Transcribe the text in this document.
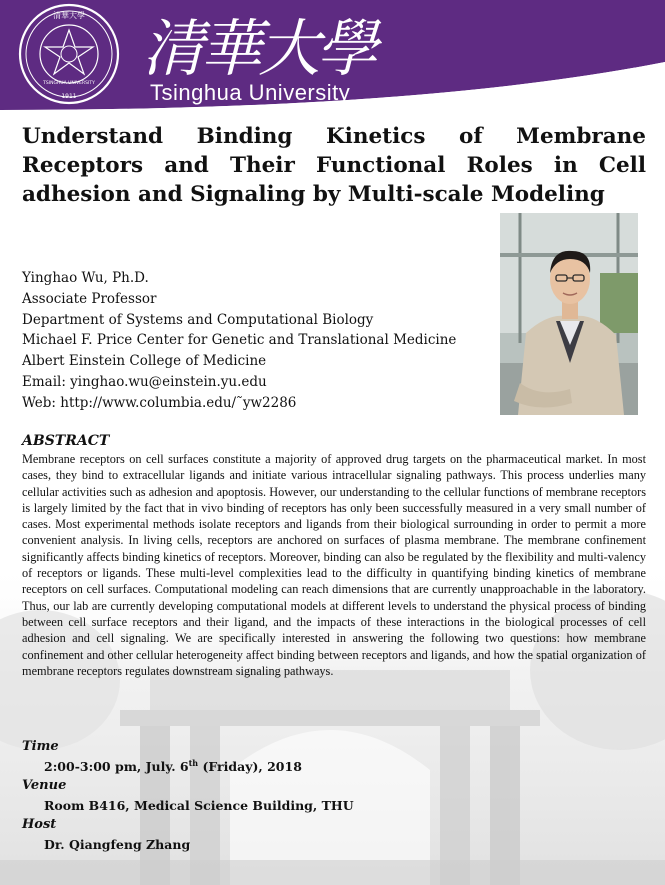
清華大學
1911
TSINGHUA UNIVERSITY 清華大學
Tsinghua University
Understand Binding Kinetics of Membrane Receptors and Their Functional Roles in Cell adhesion and Signaling by Multi-scale Modeling
Yinghao Wu, Ph.D.
Associate Professor
Department of Systems and Computational Biology
Michael F. Price Center for Genetic and Translational Medicine
Albert Einstein College of Medicine
Email: yinghao.wu@einstein.yu.edu
Web: http://www.columbia.edu/˜yw2286
ABSTRACT
Membrane receptors on cell surfaces constitute a majority of approved drug targets on the pharmaceutical market. In most cases, they bind to extracellular ligands and initiate various intracellular signaling pathways. This process underlies many cellular activities such as adhesion and apoptosis. However, our understanding to the cellular functions of membrane receptors is largely limited by the fact that in vivo binding of receptors has only been successfully measured in a very small number of cases. Most experimental methods isolate receptors and ligands from their biological surrounding in order to permit a more convenient analysis. In living cells, receptors are anchored on surfaces of plasma membrane. The membrane confinement significantly affects binding kinetics of receptors. Moreover, binding can also be regulated by the flexibility and multi-valency of receptors or ligands. These multi-level complexities lead to the difficulty in quantifying binding kinetics of membrane receptors on cell surfaces. Computational modeling can reach dimensions that are currently unapproachable in the laboratory. Thus, our lab are currently developing computational models at different levels to understand the physical process of binding between cell surface receptors and their ligand, and the impacts of these interactions in the biological processes of cell adhesion and cell signaling. We are specifically interested in answering the following two questions: how membrane confinement and other cellular heterogeneity affect binding between receptors and ligands, and how the spatial organization of membrane receptors regulates downstream signaling pathways.
Time
2:00-3:00 pm, July. 6th (Friday), 2018
Venue
Room B416, Medical Science Building, THU
Host
Dr. Qiangfeng Zhang
